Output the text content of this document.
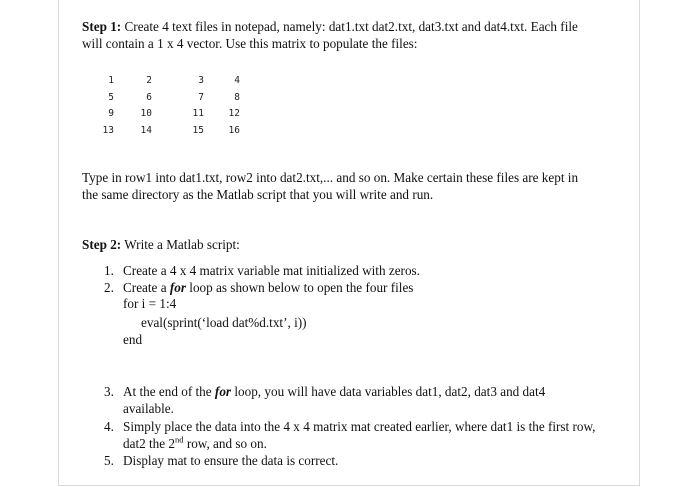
Step 1: Create 4 text files in notepad, namely: dat1.txt dat2.txt, dat3.txt and dat4.txt. Each file
will contain a 1 x 4 vector. Use this matrix to populate the files:
1	2	3	4
5	6	7	8
9	10	11	12
13	14	15	16
Type in row1 into dat1.txt, row2 into dat2.txt,... and so on. Make certain these files are kept in
the same directory as the Matlab script that you will write and run.
Step 2: Write a Matlab script:
1. Create a 4 x 4 matrix variable mat initialized with zeros.
2. Create a for loop as shown below to open the four files
for i = 1:4
eval(sprint(‘load dat%d.txt’, i))
end
3. At the end of the for loop, you will have data variables dat1, dat2, dat3 and dat4
available.
4. Simply place the data into the 4 x 4 matrix mat created earlier, where dat1 is the first row,
dat2 the 2nd row, and so on.
5. Display mat to ensure the data is correct.
